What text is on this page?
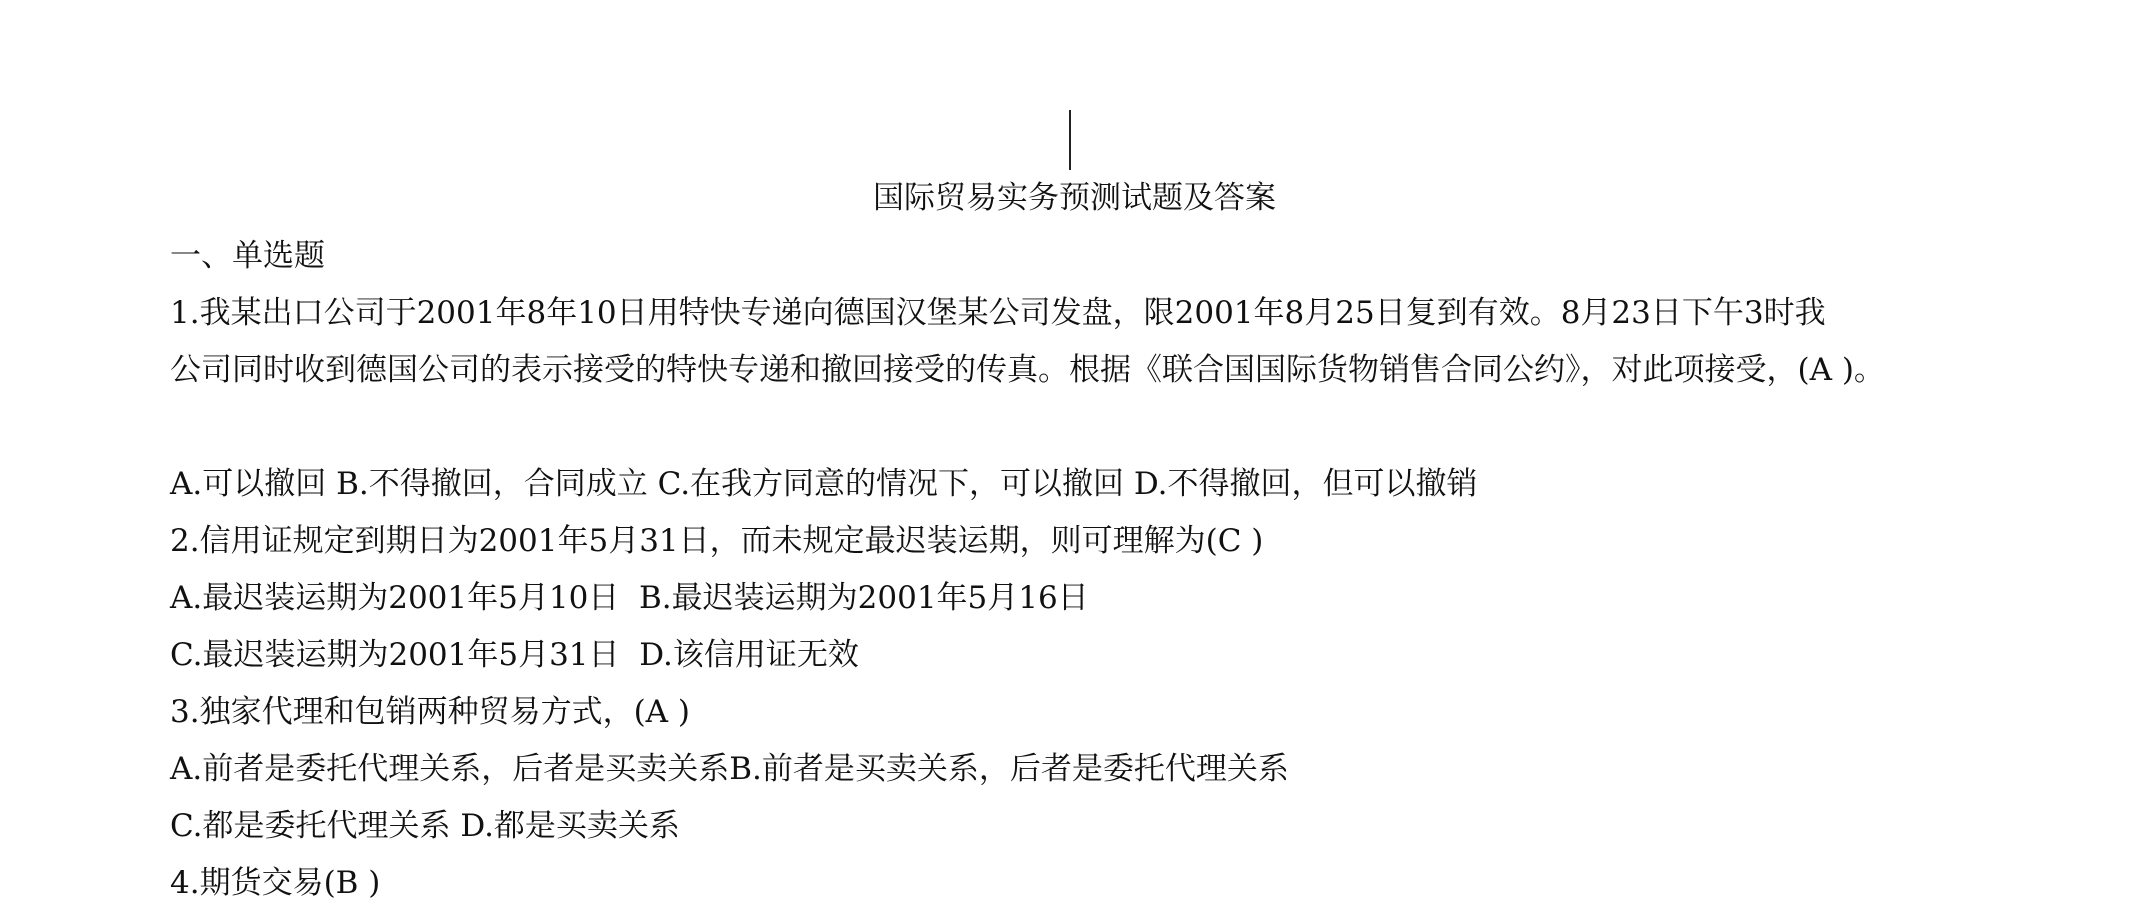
国际贸易实务预测试题及答案
一、单选题
1.我某出口公司于2001年8年10日用特快专递向德国汉堡某公司发盘，限2001年8月25日复到有效。8月23日下午3时我
公司同时收到德国公司的表示接受的特快专递和撤回接受的传真。根据《联合国国际货物销售合同公约》，对此项接受，(A )。
A.可以撤回 B.不得撤回，合同成立 C.在我方同意的情况下，可以撤回 D.不得撤回，但可以撤销
2.信用证规定到期日为2001年5月31日，而未规定最迟装运期，则可理解为(C )
A.最迟装运期为2001年5月10日  B.最迟装运期为2001年5月16日
C.最迟装运期为2001年5月31日  D.该信用证无效
3.独家代理和包销两种贸易方式，(A )
A.前者是委托代理关系，后者是买卖关系B.前者是买卖关系，后者是委托代理关系
C.都是委托代理关系 D.都是买卖关系
4.期货交易(B )
